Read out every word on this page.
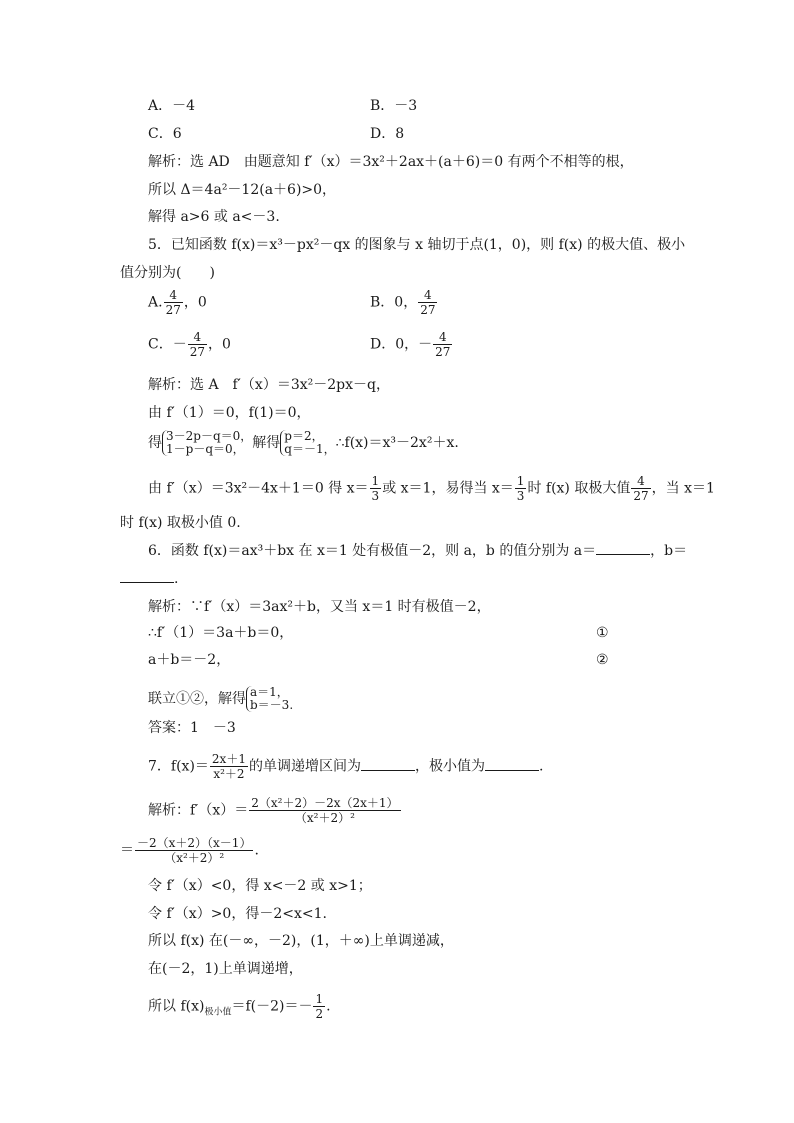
A．－4	B．－3
C．6	D．8
解析：选 AD　由题意知 f′（x）＝3x²＋2ax＋(a＋6)＝0 有两个不相等的根，
所以 Δ＝4a²－12(a＋6)>0，
解得 a>6 或 a<－3.
5．已知函数 f(x)＝x³－px²－qx 的图象与 x 轴切于点(1，0)，则 f(x) 的极大值、极小
值分别为(　　)
A. $\frac{4}{27}$ ，0	B．0， $\frac{4}{27}$
C．－ $\frac{4}{27}$ ，0	D．0，－ $\frac{4}{27}$
解析：选 A　f′（x）＝3x²－2px－q，
由 f′（1）＝0，f(1)＝0，
得 3－2p－q＝0，
1－p－q＝0， 解得 p＝2，
q＝－1， ∴f(x)＝x³－2x²＋x.
由 f′（x）＝3x²－4x＋1＝0 得 $x= \frac{1}{3}$ 或 x＝1，易得当 $x= \frac{1}{3}$ 时 f(x) 取极大值 $\frac{4}{27}$ ，当 x＝1
时 f(x) 取极小值 0.
6．函数 f(x)＝ax³＋bx 在 x＝1 处有极值－2，则 a，b 的值分别为 a＝	，b＝
.
解析：∵f′（x）＝3ax²＋b，又当 x＝1 时有极值－2，
∴f′（1）＝3a＋b＝0，	①
a＋b＝－2，	②
联立①②，解得 a＝1，
b＝－3.
答案：1　－3
7．$f(x)= \frac{2x+1}{\text{x²＋2}}$ 的单调递增区间为	，极小值为	.
解析：$f'(x)= \frac{\text{2（x²＋2）－2x（2x＋1）}}{\text{（x²＋2）²}}$
＝ $\frac{-2(x+2)(x-1)}{\text{（x²＋2）²}}$ .
令 f′（x）<0，得 x<－2 或 x>1；
令 f′（x）>0，得－2<x<1.
所以 f(x) 在(－∞，－2)，(1，＋∞)上单调递减，
在(－2，1)上单调递增，
所以 $f(x)_{极小值}=f(-2)=- \frac{1}{2}$ .
